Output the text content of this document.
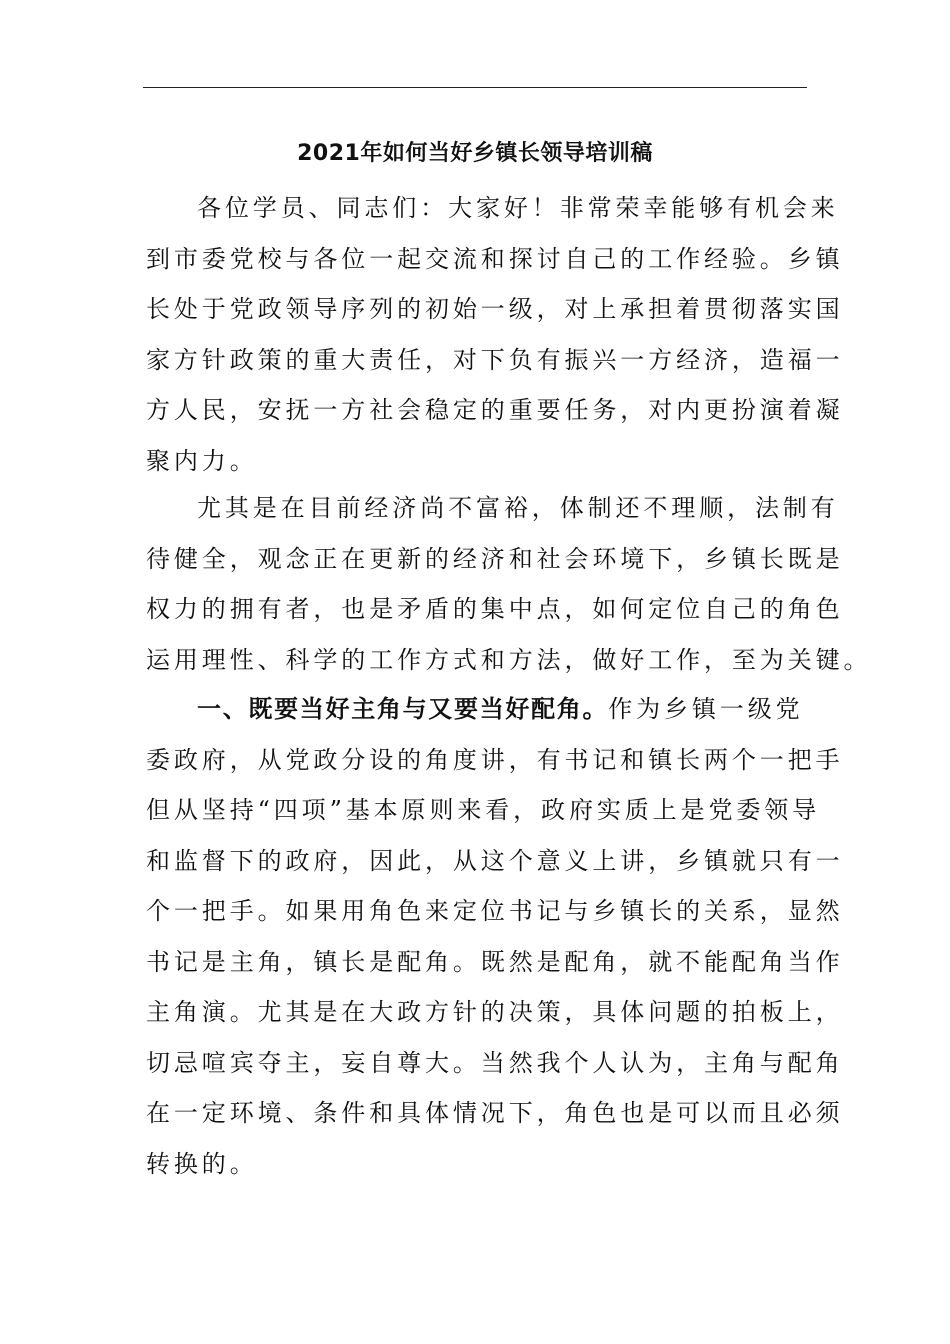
2021年如何当好乡镇长领导培训稿

各位学员、同志们：大家好！非常荣幸能够有机会来
到市委党校与各位一起交流和探讨自己的工作经验。乡镇
长处于党政领导序列的初始一级，对上承担着贯彻落实国
家方针政策的重大责任，对下负有振兴一方经济，造福一
方人民，安抚一方社会稳定的重要任务，对内更扮演着凝
聚内力。

尤其是在目前经济尚不富裕，体制还不理顺，法制有
待健全，观念正在更新的经济和社会环境下，乡镇长既是
权力的拥有者，也是矛盾的集中点，如何定位自己的角色
运用理性、科学的工作方式和方法，做好工作，至为关键。

一、既要当好主角与又要当好配角。作为乡镇一级党
委政府，从党政分设的角度讲，有书记和镇长两个一把手
但从坚持“四项”基本原则来看，政府实质上是党委领导
和监督下的政府，因此，从这个意义上讲，乡镇就只有一
个一把手。如果用角色来定位书记与乡镇长的关系，显然
书记是主角，镇长是配角。既然是配角，就不能配角当作
主角演。尤其是在大政方针的决策，具体问题的拍板上，
切忌喧宾夺主，妄自尊大。当然我个人认为，主角与配角
在一定环境、条件和具体情况下，角色也是可以而且必须
转换的。
